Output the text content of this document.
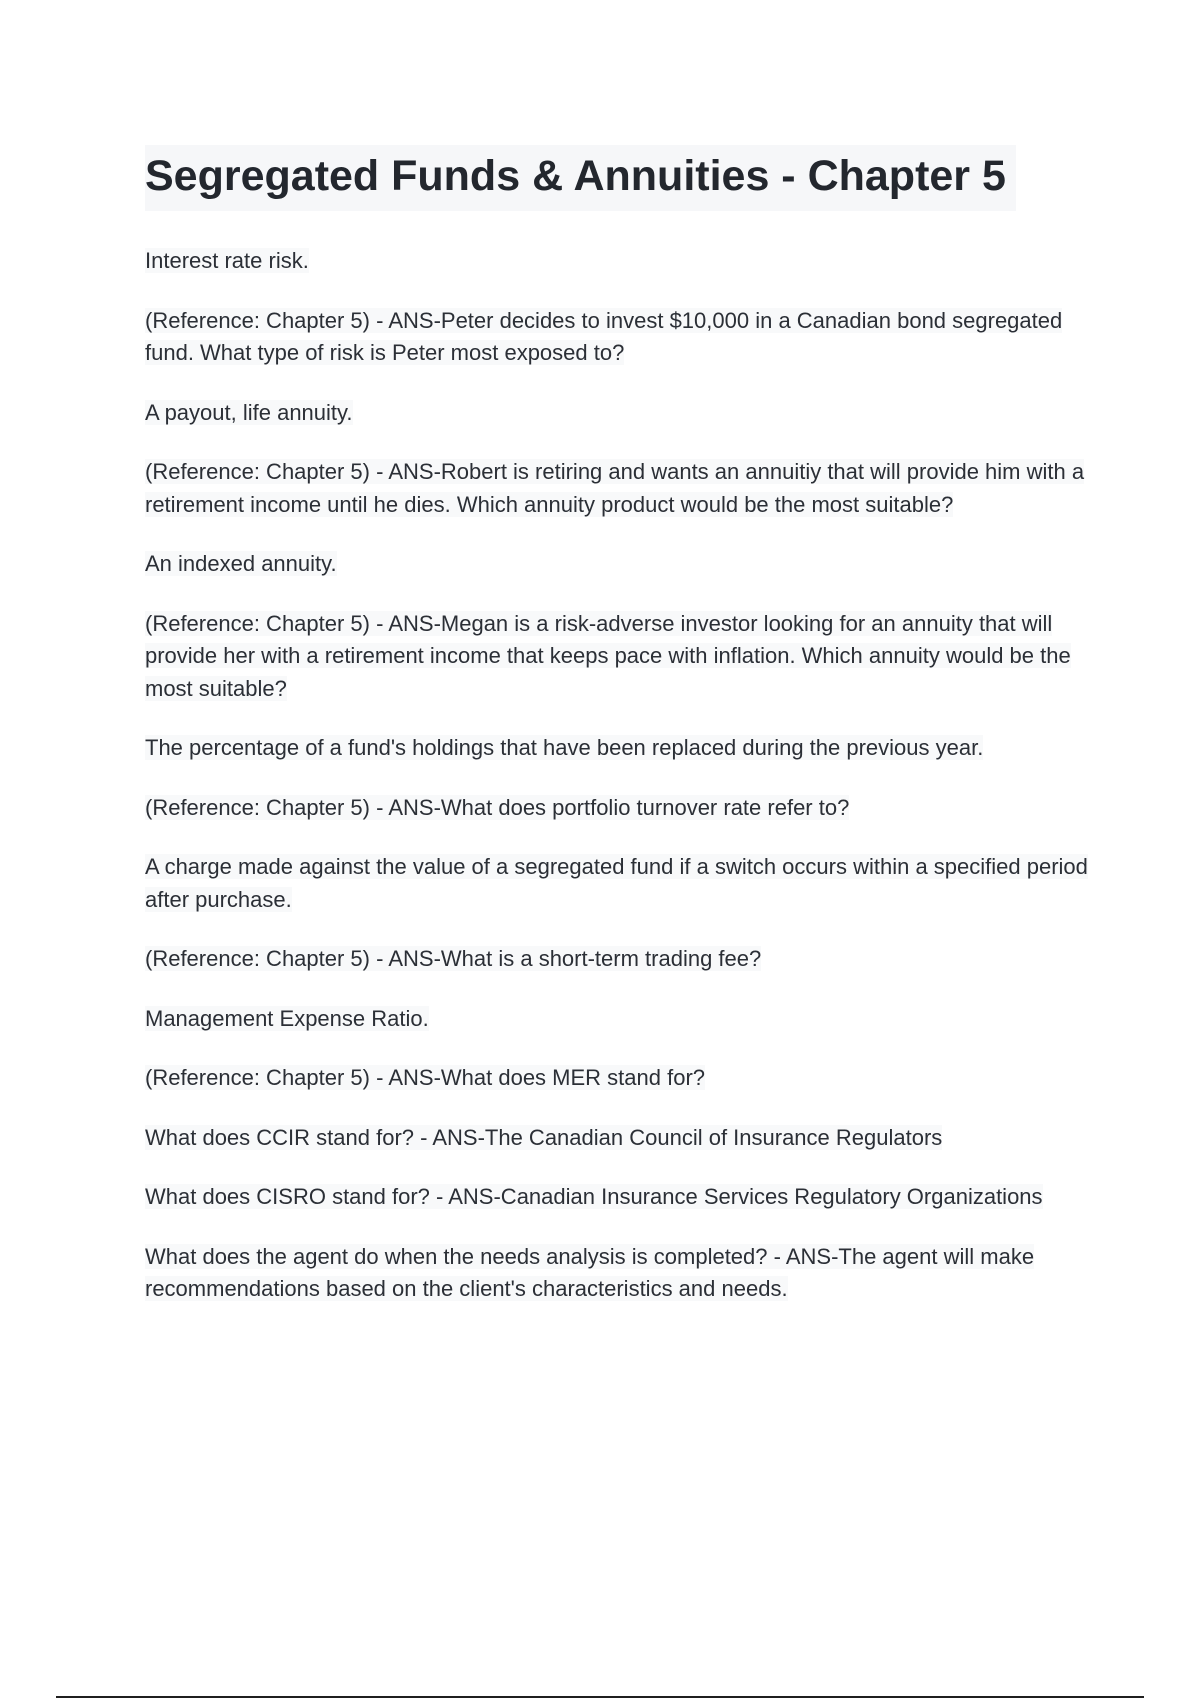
Segregated Funds & Annuities - Chapter 5

Interest rate risk.

(Reference: Chapter 5) - ANS-Peter decides to invest $10,000 in a Canadian bond segregated fund. What type of risk is Peter most exposed to?

A payout, life annuity.

(Reference: Chapter 5) - ANS-Robert is retiring and wants an annuitiy that will provide him with a retirement income until he dies. Which annuity product would be the most suitable?

An indexed annuity.

(Reference: Chapter 5) - ANS-Megan is a risk-adverse investor looking for an annuity that will provide her with a retirement income that keeps pace with inflation. Which annuity would be the most suitable?

The percentage of a fund's holdings that have been replaced during the previous year.

(Reference: Chapter 5) - ANS-What does portfolio turnover rate refer to?

A charge made against the value of a segregated fund if a switch occurs within a specified period after purchase.

(Reference: Chapter 5) - ANS-What is a short-term trading fee?

Management Expense Ratio.

(Reference: Chapter 5) - ANS-What does MER stand for?

What does CCIR stand for? - ANS-The Canadian Council of Insurance Regulators

What does CISRO stand for? - ANS-Canadian Insurance Services Regulatory Organizations

What does the agent do when the needs analysis is completed? - ANS-The agent will make recommendations based on the client's characteristics and needs.
